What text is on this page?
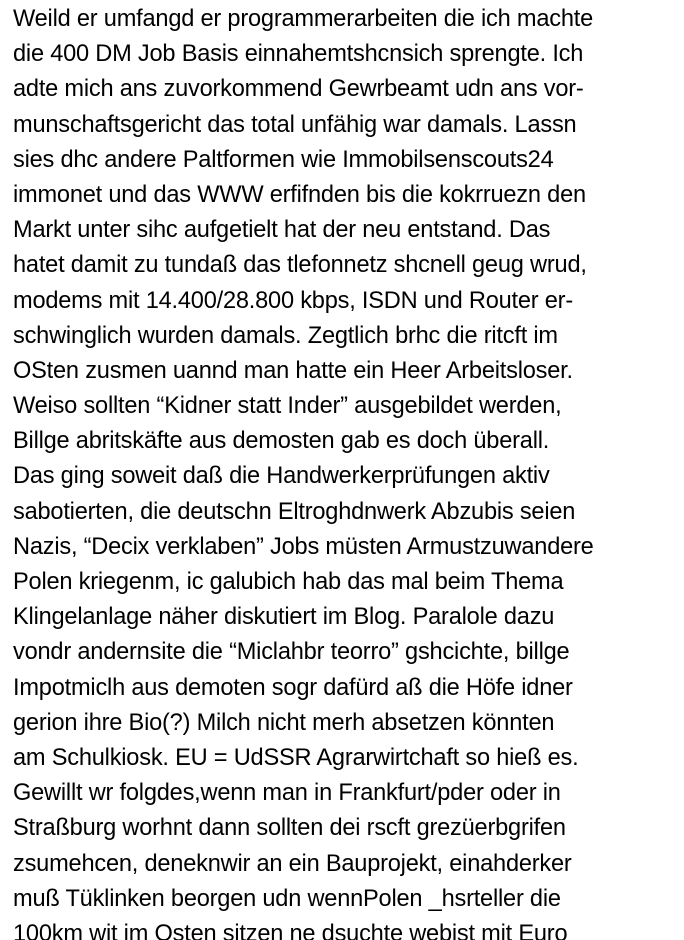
Weild er umfangd er programmerarbeiten die ich machte
die 400 DM Job Basis einnahemtshcnsich sprengte. Ich
adte mich ans zuvorkommend Gewrbeamt udn ans vor-
munschaftsgericht das total unfähig war damals. Lassn
sies dhc andere Paltformen wie Immobilsenscouts24
immonet und das WWW erfifnden bis die kokrruezn den
Markt unter sihc aufgetielt hat der neu entstand. Das
hatet damit zu tundaß das tlefonnetz shcnell geug wrud,
modems mit 14.400/28.800 kbps, ISDN und Router er-
schwinglich wurden damals. Zegtlich brhc die ritcft im
OSten zusmen uannd man hatte ein Heer Arbeitsloser.
Weiso sollten “Kidner statt Inder” ausgebildet werden,
Billge abritskäfte aus demosten gab es doch überall.
Das ging soweit daß die Handwerkerprüfungen aktiv
sabotierten, die deutschn Eltroghdnwerk Abzubis seien
Nazis, “Decix verklaben” Jobs müsten Armustzuwandere
Polen kriegenm, ic galubich hab das mal beim Thema
Klingelanlage näher diskutiert im Blog. Paralole dazu
vondr andernsite die “Miclahbr teorro” gshcichte, billge
Impotmiclh aus demoten sogr dafürd aß die Höfe idner
gerion ihre Bio(?) Milch nicht merh absetzen könnten
am Schulkiosk. EU = UdSSR Agrarwirtchaft so hieß es.
Gewillt wr folgdes,wenn man in Frankfurt/pder oder in
Straßburg worhnt dann sollten dei rscft grezüerbgrifen
zsumehcen, deneknwir an ein Bauprojekt, einahderker
muß Tüklinken beorgen udn wennPolen _hsrteller die
100km wit im Osten sitzen ne dsuchte webist mit Euro
